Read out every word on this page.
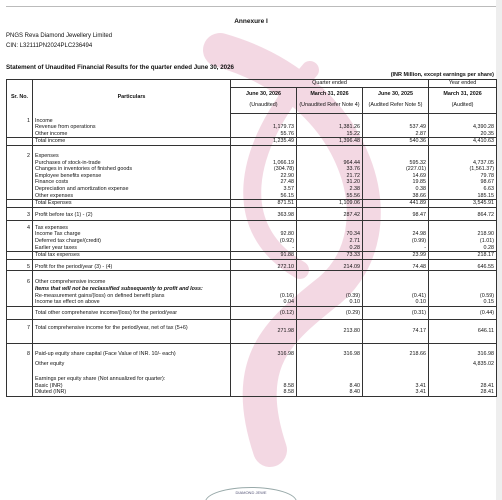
Annexure I
PNGS Reva Diamond Jewellery Limited
CIN: L32111PN2024PLC236494
Statement of Unaudited Financial Results for the quarter ended June 30, 2026
(INR Million, except earnings per share)
Sr. No.	Particulars	Quarter ended			Year ended
		June 30, 2026	March 31, 2026	June 30, 2025	March 31, 2026
		(Unaudited)	(Unaudited Refer Note 4)	(Audited Refer Note 5)	(Audited)
1	Income				
	Revenue from operations	1,179.73	1,381.26	537.49	4,390.28
	Other income	55.76	15.22	2.87	20.35
	Total income	1,235.49	1,396.48	540.36	4,410.63
2	Expenses				
	Purchases of stock-in-trade	1,066.19	964.44	595.32	4,737.05
	Changes in inventories of finished goods	(304.78)	33.76	(227.01)	(1,561.37)
	Employee benefits expense	22.90	21.72	14.69	79.78
	Finance costs	27.48	31.20	19.85	98.67
	Depreciation and amortization expense	3.57	2.38	0.38	6.63
	Other expenses	56.15	55.56	38.66	185.15
	Total Expenses	871.51	1,109.06	441.89	3,545.91
3	Profit before tax (1) - (2)	363.98	287.42	98.47	864.72
4	Tax expenses				
	Income Tax charge	92.80	70.34	24.98	218.90
	Deferred tax charge/(credit)	(0.92)	2.71	(0.99)	(1.01)
	Earlier year taxes	-	0.28	-	0.28
	Total tax expenses	91.88	73.33	23.99	218.17
5	Profit for the period/year (3) - (4)	272.10	214.09	74.48	646.55
6	Other comprehensive income				
	Items that will not be reclassified subsequently to profit and loss:				
	Re-measurement gains/(loss) on defined benefit plans	(0.16)	(0.39)	(0.41)	(0.59)
	Income tax effect on above	0.04	0.10	0.10	0.15
	Total other comprehensive income/(loss) for the period/year	(0.12)	(0.29)	(0.31)	(0.44)
7	Total comprehensive income for the period/year, net of tax (5+6)	271.98	213.80	74.17	646.11
8	Paid-up equity share capital (Face Value of INR. 10/- each)	316.98	316.98	218.66	316.98
	Other equity				4,835.02
	Earnings per equity share (Not annualized for quarter):				
	Basic (INR)	8.58	8.40	3.41	28.41
	Diluted (INR)	8.58	8.40	3.41	28.41
DIAMOND JEWE
